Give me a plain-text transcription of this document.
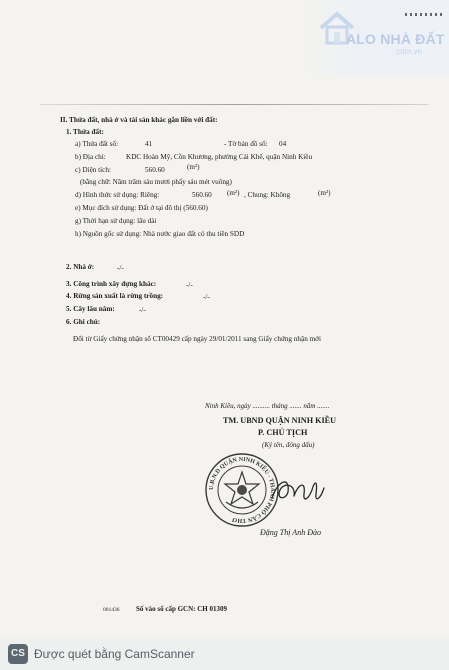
ALO NHÀ ĐẤT
.com.vn
II. Thửa đất, nhà ở và tài sản khác gắn liền với đất:
1. Thửa đất:
a) Thửa đất số:	41	- Tờ bản đồ số: 04
b) Địa chỉ:	KDC Hoàn Mỹ, Cồn Khương, phường Cái Khế, quận Ninh Kiều
c) Diện tích:	560.60	(m²)
(bằng chữ: Năm trăm sáu mươi phẩy sáu mét vuông)
d) Hình thức sử dụng: Riêng:	560.60 (m²) , Chung: Không	(m²)
e) Mục đích sử dụng: Đất ở tại đô thị (560.60)
g) Thời hạn sử dụng: lâu dài
h) Nguồn gốc sử dụng: Nhà nước giao đất có thu tiền SDD
2. Nhà ở:	-/-
3. Công trình xây dựng khác:	-/-
4. Rừng sản xuất là rừng trồng:	-/-
5. Cây lâu năm:	-/-
6. Ghi chú:
Đổi từ Giấy chứng nhận số CT00429 cấp ngày 29/01/2011 sang Giấy chứng nhận mới
Ninh Kiều, ngày .......... tháng ....... năm .......
TM. UBND QUẬN NINH KIỀU
P. CHỦ TỊCH
(Ký tên, đóng dấu)
U.B.N.D QUẬN NINH KIỀU - THÀNH PHỐ CẦN THƠ
Đặng Thị Anh Đào
001436 Số vào sổ cấp GCN: CH 01309
CS Được quét bằng CamScanner
